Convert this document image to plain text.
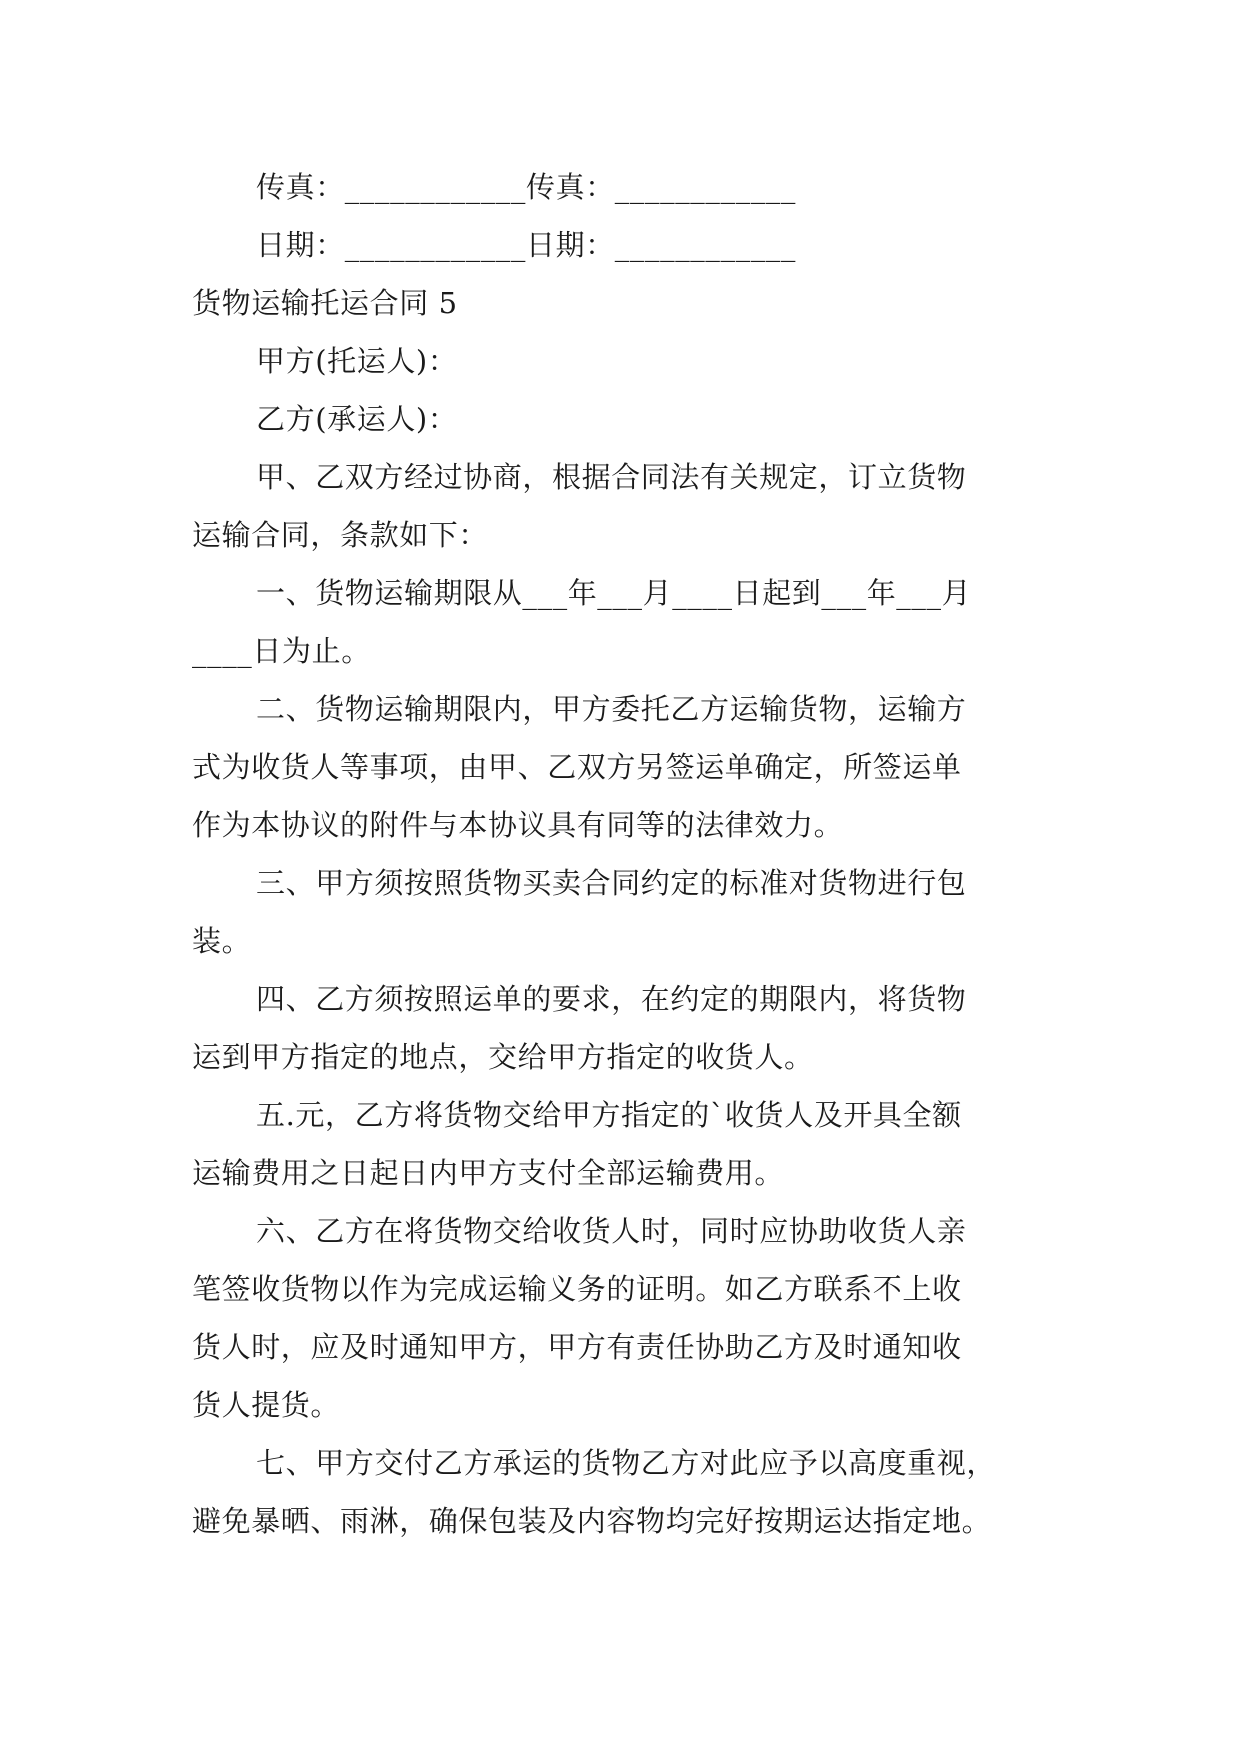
传真：____________传真：____________
日期：____________日期：____________
货物运输托运合同 5
甲方(托运人)：
乙方(承运人)：
甲、乙双方经过协商，根据合同法有关规定，订立货物
运输合同，条款如下：
一、货物运输期限从___年___月____日起到___年___月
____日为止。
二、货物运输期限内，甲方委托乙方运输货物，运输方
式为收货人等事项，由甲、乙双方另签运单确定，所签运单
作为本协议的附件与本协议具有同等的法律效力。
三、甲方须按照货物买卖合同约定的标准对货物进行包
装。
四、乙方须按照运单的要求，在约定的期限内，将货物
运到甲方指定的地点，交给甲方指定的收货人。
五.元，乙方将货物交给甲方指定的`收货人及开具全额
运输费用之日起日内甲方支付全部运输费用。
六、乙方在将货物交给收货人时，同时应协助收货人亲
笔签收货物以作为完成运输义务的证明。如乙方联系不上收
货人时，应及时通知甲方，甲方有责任协助乙方及时通知收
货人提货。
七、甲方交付乙方承运的货物乙方对此应予以高度重视，
避免暴晒、雨淋，确保包装及内容物均完好按期运达指定地。
